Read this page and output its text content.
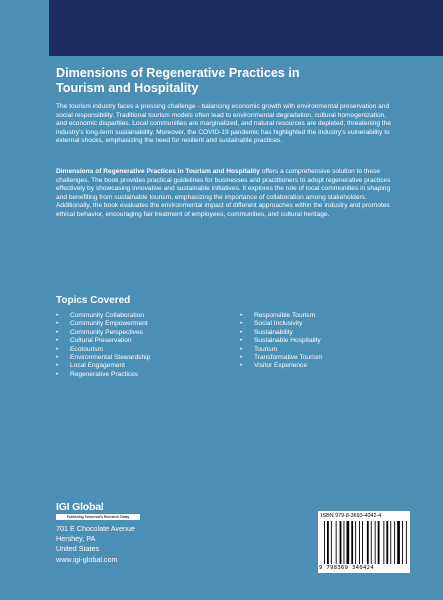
Dimensions of Regenerative Practices in
Tourism and Hospitality

The tourism industry faces a pressing challenge - balancing economic growth with environmental preservation and social responsibility. Traditional tourism models often lead to environmental degradation, cultural homogenization, and economic disparities. Local communities are marginalized, and natural resources are depleted, threatening the industry's long-term sustainability. Moreover, the COVID-19 pandemic has highlighted the industry's vulnerability to external shocks, emphasizing the need for resilient and sustainable practices.

Dimensions of Regenerative Practices in Tourism and Hospitality offers a comprehensive solution to these challenges. The book provides practical guidelines for businesses and practitioners to adopt regenerative practices effectively by showcasing innovative and sustainable initiatives. It explores the role of local communities in shaping and benefiting from sustainable tourism, emphasizing the importance of collaboration among stakeholders. Additionally, the book evaluates the environmental impact of different approaches within the industry and promotes ethical behavior, encouraging fair treatment of employees, communities, and cultural heritage.

Topics Covered
• Community Collaboration
• Community Empowerment
• Community Perspectives
• Cultural Preservation
• Ecotourism
• Environmental Stewardship
• Local Engagement
• Regenerative Practices
• Responsible Tourism
• Social Inclusivity
• Sustainability
• Sustainable Hospitality
• Tourism
• Transformative Tourism
• Visitor Experience
IGI Global
Publishing Tomorrow's Research Today
701 E Chocolate Avenue
Hershey, PA
United States
www.igi-global.com
ISBN 979-8-3693-4042-4
9 798369 340424
